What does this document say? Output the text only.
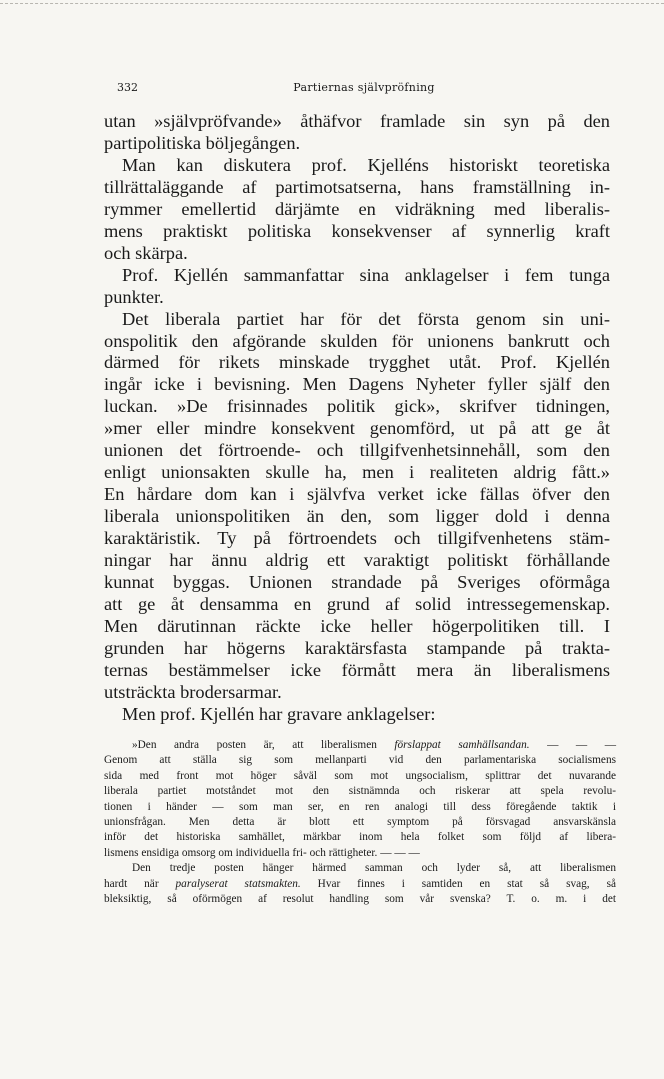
332	Partiernas självpröfning
utan »självpröfvande» åthäfvor framlade sin syn på den
partipolitiska böljegången.
Man kan diskutera prof. Kjelléns historiskt teoretiska
tillrättaläggande af partimotsatserna, hans framställning in-
rymmer emellertid därjämte en vidräkning med liberalis-
mens praktiskt politiska konsekvenser af synnerlig kraft
och skärpa.
Prof. Kjellén sammanfattar sina anklagelser i fem tunga
punkter.
Det liberala partiet har för det första genom sin uni-
onspolitik den afgörande skulden för unionens bankrutt och
därmed för rikets minskade trygghet utåt. Prof. Kjellén
ingår icke i bevisning. Men Dagens Nyheter fyller själf den
luckan. »De frisinnades politik gick», skrifver tidningen,
»mer eller mindre konsekvent genomförd, ut på att ge åt
unionen det förtroende- och tillgifvenhetsinnehåll, som den
enligt unionsakten skulle ha, men i realiteten aldrig fått.»
En hårdare dom kan i självfva verket icke fällas öfver den
liberala unionspolitiken än den, som ligger dold i denna
karaktäristik. Ty på förtroendets och tillgifvenhetens stäm-
ningar har ännu aldrig ett varaktigt politiskt förhållande
kunnat byggas. Unionen strandade på Sveriges oförmåga
att ge åt densamma en grund af solid intressegemenskap.
Men därutinnan räckte icke heller högerpolitiken till. I
grunden har högerns karaktärsfasta stampande på trakta-
ternas bestämmelser icke förmått mera än liberalismens
utsträckta brodersarmar.
Men prof. Kjellén har gravare anklagelser:
»Den andra posten är, att liberalismen förslappat samhällsandan. — — —
Genom att ställa sig som mellanparti vid den parlamentariska socialismens
sida med front mot höger såväl som mot ungsocialism, splittrar det nuvarande
liberala partiet motståndet mot den sistnämnda och riskerar att spela revolu-
tionen i händer — som man ser, en ren analogi till dess föregående taktik i
unionsfrågan. Men detta är blott ett symptom på försvagad ansvarskänsla
inför det historiska samhället, märkbar inom hela folket som följd af libera-
lismens ensidiga omsorg om individuella fri- och rättigheter. — — —
Den tredje posten hänger härmed samman och lyder så, att liberalismen
hardt när paralyserat statsmakten. Hvar finnes i samtiden en stat så svag, så
bleksiktig, så oförmögen af resolut handling som vår svenska? T. o. m. i det
